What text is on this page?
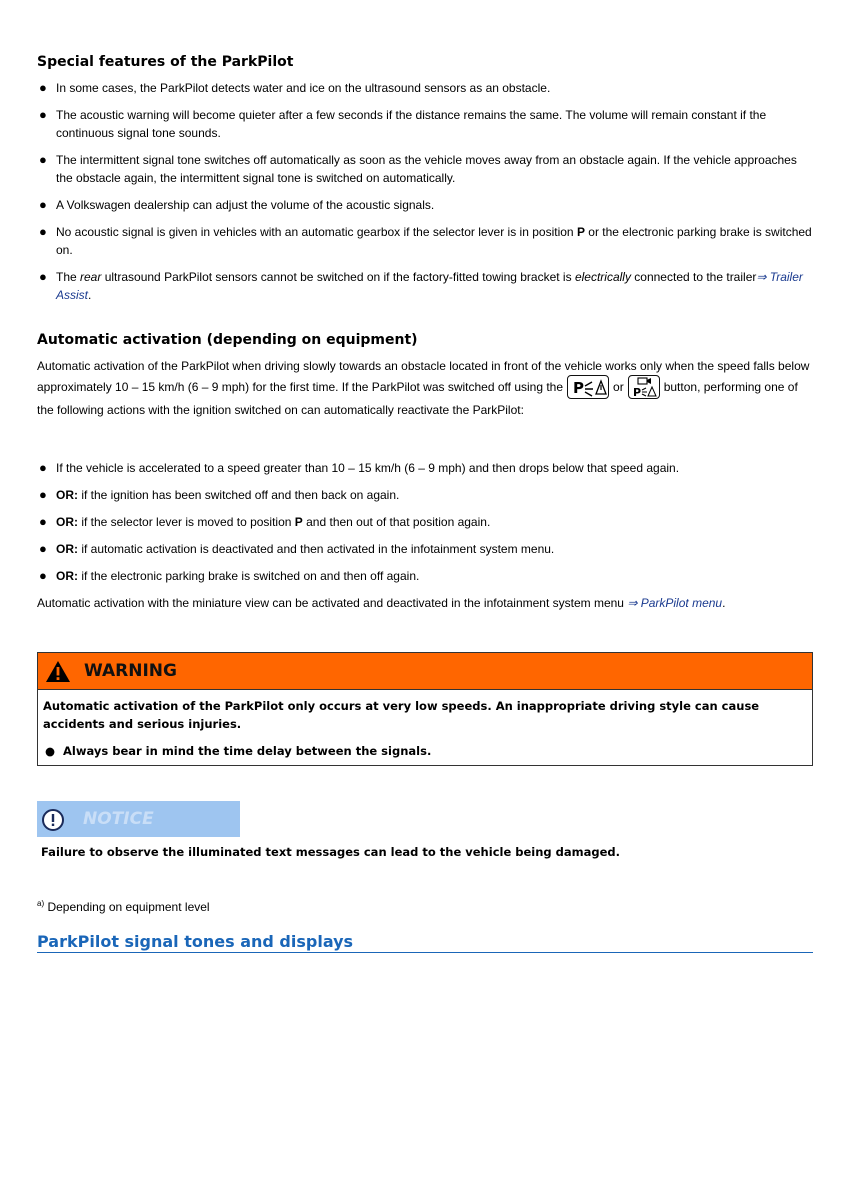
Special features of the ParkPilot
● In some cases, the ParkPilot detects water and ice on the ultrasound sensors as an obstacle.
● The acoustic warning will become quieter after a few seconds if the distance remains the same. The volume will remain constant if the continuous signal tone sounds.
● The intermittent signal tone switches off automatically as soon as the vehicle moves away from an obstacle again. If the vehicle approaches the obstacle again, the intermittent signal tone is switched on automatically.
● A Volkswagen dealership can adjust the volume of the acoustic signals.
● No acoustic signal is given in vehicles with an automatic gearbox if the selector lever is in position P or the electronic parking brake is switched on.
● The rear ultrasound ParkPilot sensors cannot be switched on if the factory-fitted towing bracket is electrically connected to the trailer⇒ Trailer Assist.
Automatic activation (depending on equipment)
Automatic activation of the ParkPilot when driving slowly towards an obstacle located in front of the vehicle works only when the speed falls below approximately 10 – 15 km/h (6 – 9 mph) for the first time. If the ParkPilot was switched off using the P or P button, performing one of the following actions with the ignition switched on can automatically reactivate the ParkPilot:
● If the vehicle is accelerated to a speed greater than 10 – 15 km/h (6 – 9 mph) and then drops below that speed again.
● OR: if the ignition has been switched off and then back on again.
● OR: if the selector lever is moved to position P and then out of that position again.
● OR: if automatic activation is deactivated and then activated in the infotainment system menu.
● OR: if the electronic parking brake is switched on and then off again.
Automatic activation with the miniature view can be activated and deactivated in the infotainment system menu ⇒ ParkPilot menu.
WARNING
Automatic activation of the ParkPilot only occurs at very low speeds. An inappropriate driving style can cause accidents and serious injuries.
● Always bear in mind the time delay between the signals.
NOTICE
Failure to observe the illuminated text messages can lead to the vehicle being damaged.
$^{a)}$ Depending on equipment level
ParkPilot signal tones and displays
